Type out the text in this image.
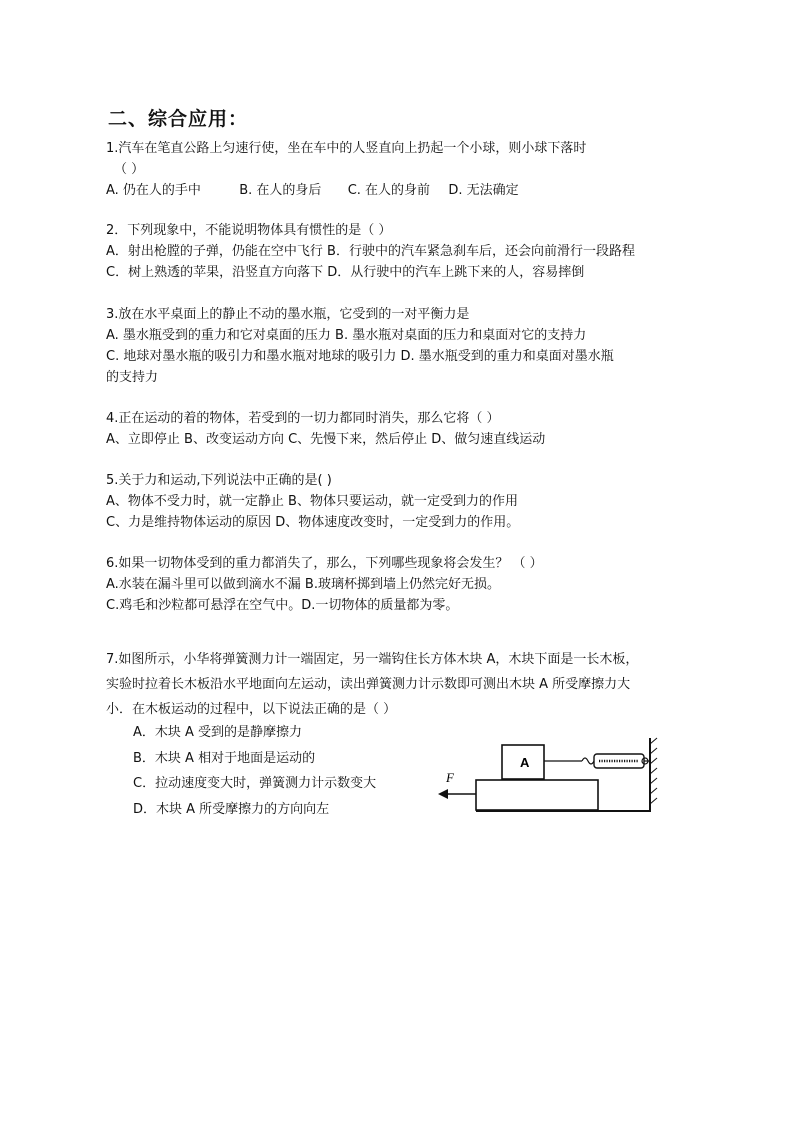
二、综合应用：
1.汽车在笔直公路上匀速行使，坐在车中的人竖直向上扔起一个小球，则小球下落时
（ ）
A. 仍在人的手中	B. 在人的身后 C. 在人的身前 D. 无法确定
2．下列现象中，不能说明物体具有惯性的是（ ）
A．射出枪膛的子弹，仍能在空中飞行 B．行驶中的汽车紧急刹车后，还会向前滑行一段路程
C．树上熟透的苹果，沿竖直方向落下 D．从行驶中的汽车上跳下来的人，容易摔倒
3.放在水平桌面上的静止不动的墨水瓶，它受到的一对平衡力是
A. 墨水瓶受到的重力和它对桌面的压力 B. 墨水瓶对桌面的压力和桌面对它的支持力
C. 地球对墨水瓶的吸引力和墨水瓶对地球的吸引力 D. 墨水瓶受到的重力和桌面对墨水瓶
的支持力
4.正在运动的着的物体，若受到的一切力都同时消失，那么它将（ ）
A、立即停止 B、改变运动方向 C、先慢下来，然后停止 D、做匀速直线运动
5.关于力和运动,下列说法中正确的是( )
A、物体不受力时，就一定静止 B、物体只要运动，就一定受到力的作用
C、力是维持物体运动的原因 D、物体速度改变时，一定受到力的作用。
6.如果一切物体受到的重力都消失了，那么，下列哪些现象将会发生？ （ ）
A.水装在漏斗里可以做到滴水不漏 B.玻璃杯掷到墙上仍然完好无损。
C.鸡毛和沙粒都可悬浮在空气中。D.一切物体的质量都为零。
7.如图所示，小华将弹簧测力计一端固定，另一端钩住长方体木块 A，木块下面是一长木板，
实验时拉着长木板沿水平地面向左运动，读出弹簧测力计示数即可测出木块 A 所受摩擦力大
小．在木板运动的过程中，以下说法正确的是（ ）
A．木块 A 受到的是静摩擦力
B．木块 A 相对于地面是运动的
C．拉动速度变大时，弹簧测力计示数变大
D．木块 A 所受摩擦力的方向向左
A
F
